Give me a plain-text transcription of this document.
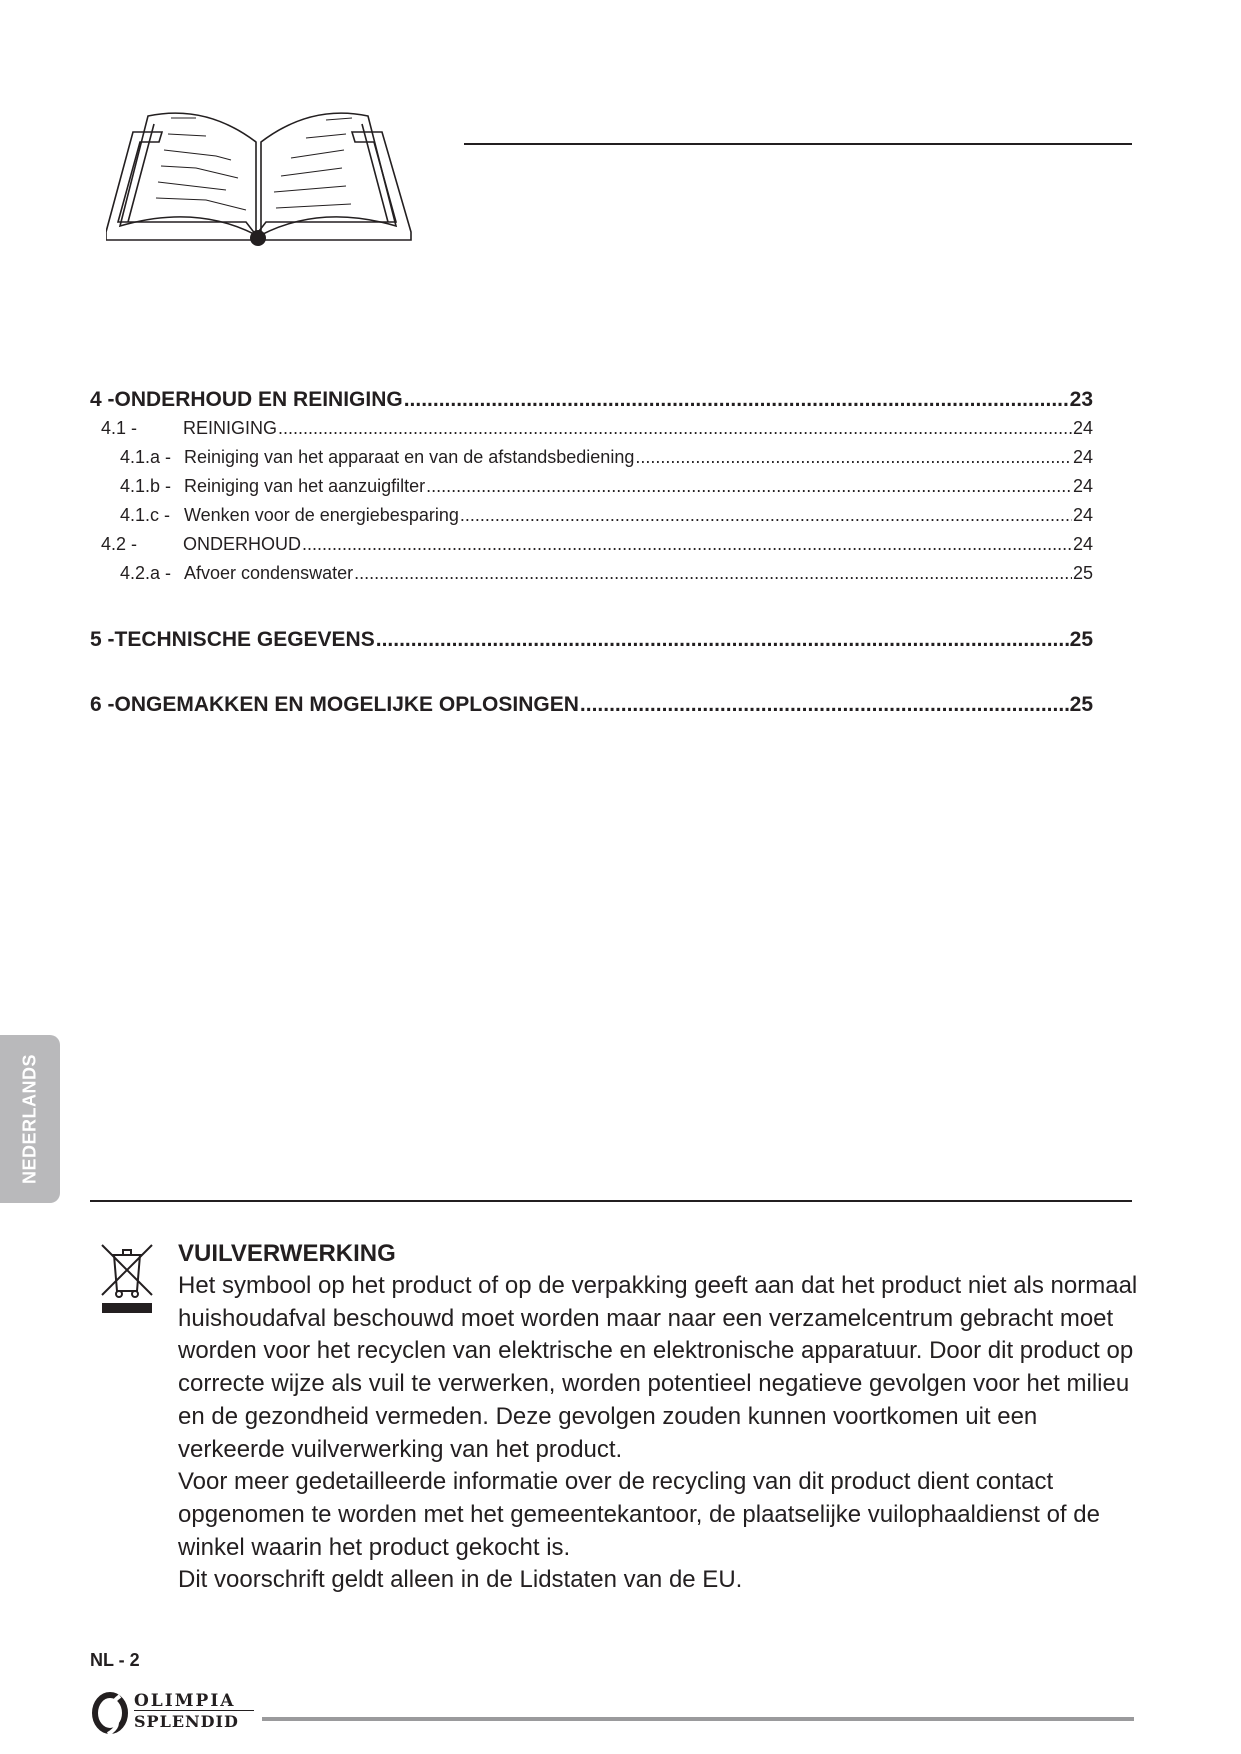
4 - ONDERHOUD EN REINIGING .....	23
4.1 -	REINIGING .....	24
4.1.a - Reiniging van het apparaat en van de afstandsbediening .....	24
4.1.b - Reiniging van het aanzuigfilter .....	24
4.1.c - Wenken voor de energiebesparing .....	24
4.2 -	ONDERHOUD .....	24
4.2.a - Afvoer condenswater .....	25
5 - TECHNISCHE GEGEVENS .....	25
6 - ONGEMAKKEN EN MOGELIJKE OPLOSINGEN .....	25
NEDERLANDS

VUILVERWERKING

Het symbool op het product of op de verpakking geeft aan dat het product niet als normaal huishoudafval beschouwd moet worden maar naar een verzamelcentrum gebracht moet worden voor het recyclen van elektrische en elektronische apparatuur. Door dit product op correcte wijze als vuil te verwerken, worden potentieel negatieve gevolgen voor het milieu en de gezondheid vermeden. Deze gevolgen zouden kunnen voortkomen uit een verkeerde vuilverwerking van het product.

Voor meer gedetailleerde informatie over de recycling van dit product dient contact opgenomen te worden met het gemeentekantoor, de plaatselijke vuilophaaldienst of de winkel waarin het product gekocht is.

Dit voorschrift geldt alleen in de Lidstaten van de EU.

NL - 2
OLIMPIA
SPLENDID
